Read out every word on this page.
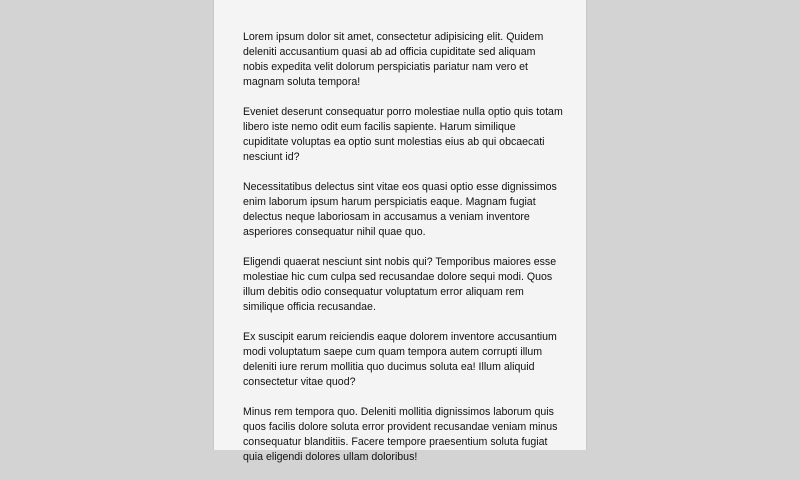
Lorem ipsum dolor sit amet, consectetur adipisicing elit. Quidem deleniti accusantium quasi ab ad officia cupiditate sed aliquam nobis expedita velit dolorum perspiciatis pariatur nam vero et magnam soluta tempora!

Eveniet deserunt consequatur porro molestiae nulla optio quis totam libero iste nemo odit eum facilis sapiente. Harum similique cupiditate voluptas ea optio sunt molestias eius ab qui obcaecati nesciunt id?

Necessitatibus delectus sint vitae eos quasi optio esse dignissimos enim laborum ipsum harum perspiciatis eaque. Magnam fugiat delectus neque laboriosam in accusamus a veniam inventore asperiores consequatur nihil quae quo.

Eligendi quaerat nesciunt sint nobis qui? Temporibus maiores esse molestiae hic cum culpa sed recusandae dolore sequi modi. Quos illum debitis odio consequatur voluptatum error aliquam rem similique officia recusandae.

Ex suscipit earum reiciendis eaque dolorem inventore accusantium modi voluptatum saepe cum quam tempora autem corrupti illum deleniti iure rerum mollitia quo ducimus soluta ea! Illum aliquid consectetur vitae quod?

Minus rem tempora quo. Deleniti mollitia dignissimos laborum quis quos facilis dolore soluta error provident recusandae veniam minus consequatur blanditiis. Facere tempore praesentium soluta fugiat quia eligendi dolores ullam doloribus!
